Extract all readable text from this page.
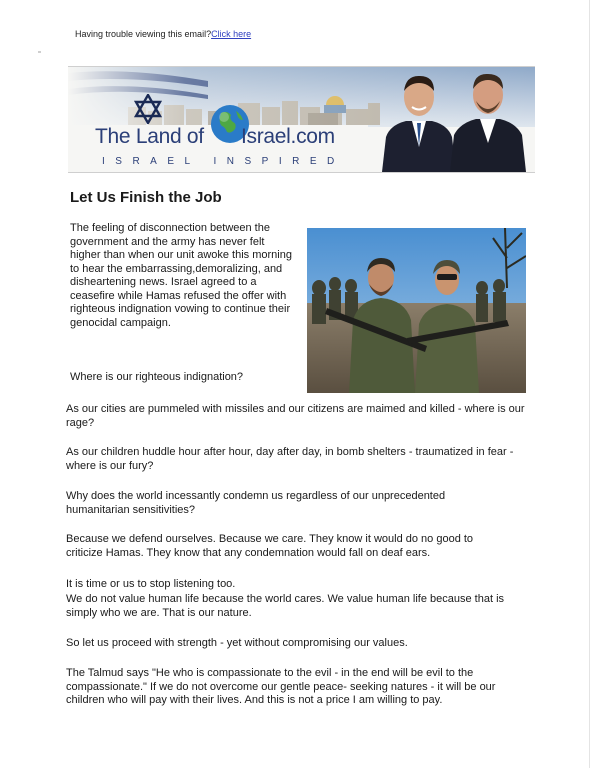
Having trouble viewing this email?Click here
The Land of Israel.com
ISRAEL INSPIRED
Let Us Finish the Job

The feeling of disconnection between the government and the army has never felt higher than when our unit awoke this morning to hear the embarrassing,demoralizing, and disheartening news. Israel agreed to a ceasefire while Hamas refused the offer with righteous indignation vowing to continue their genocidal campaign.

Where is our righteous indignation?

As our cities are pummeled with missiles and our citizens are maimed and killed - where is our rage?

As our children huddle hour after hour, day after day, in bomb shelters - traumatized in fear - where is our fury?

Why does the world incessantly condemn us regardless of our unprecedented humanitarian sensitivities?

Because we defend ourselves. Because we care. They know it would do no good to criticize Hamas. They know that any condemnation would fall on deaf ears.

It is time or us to stop listening too.

We do not value human life because the world cares. We value human life because that is simply who we are. That is our nature.

So let us proceed with strength - yet without compromising our values.

The Talmud says "He who is compassionate to the evil - in the end will be evil to the compassionate." If we do not overcome our gentle peace- seeking natures - it will be our children who will pay with their lives. And this is not a price I am willing to pay.
